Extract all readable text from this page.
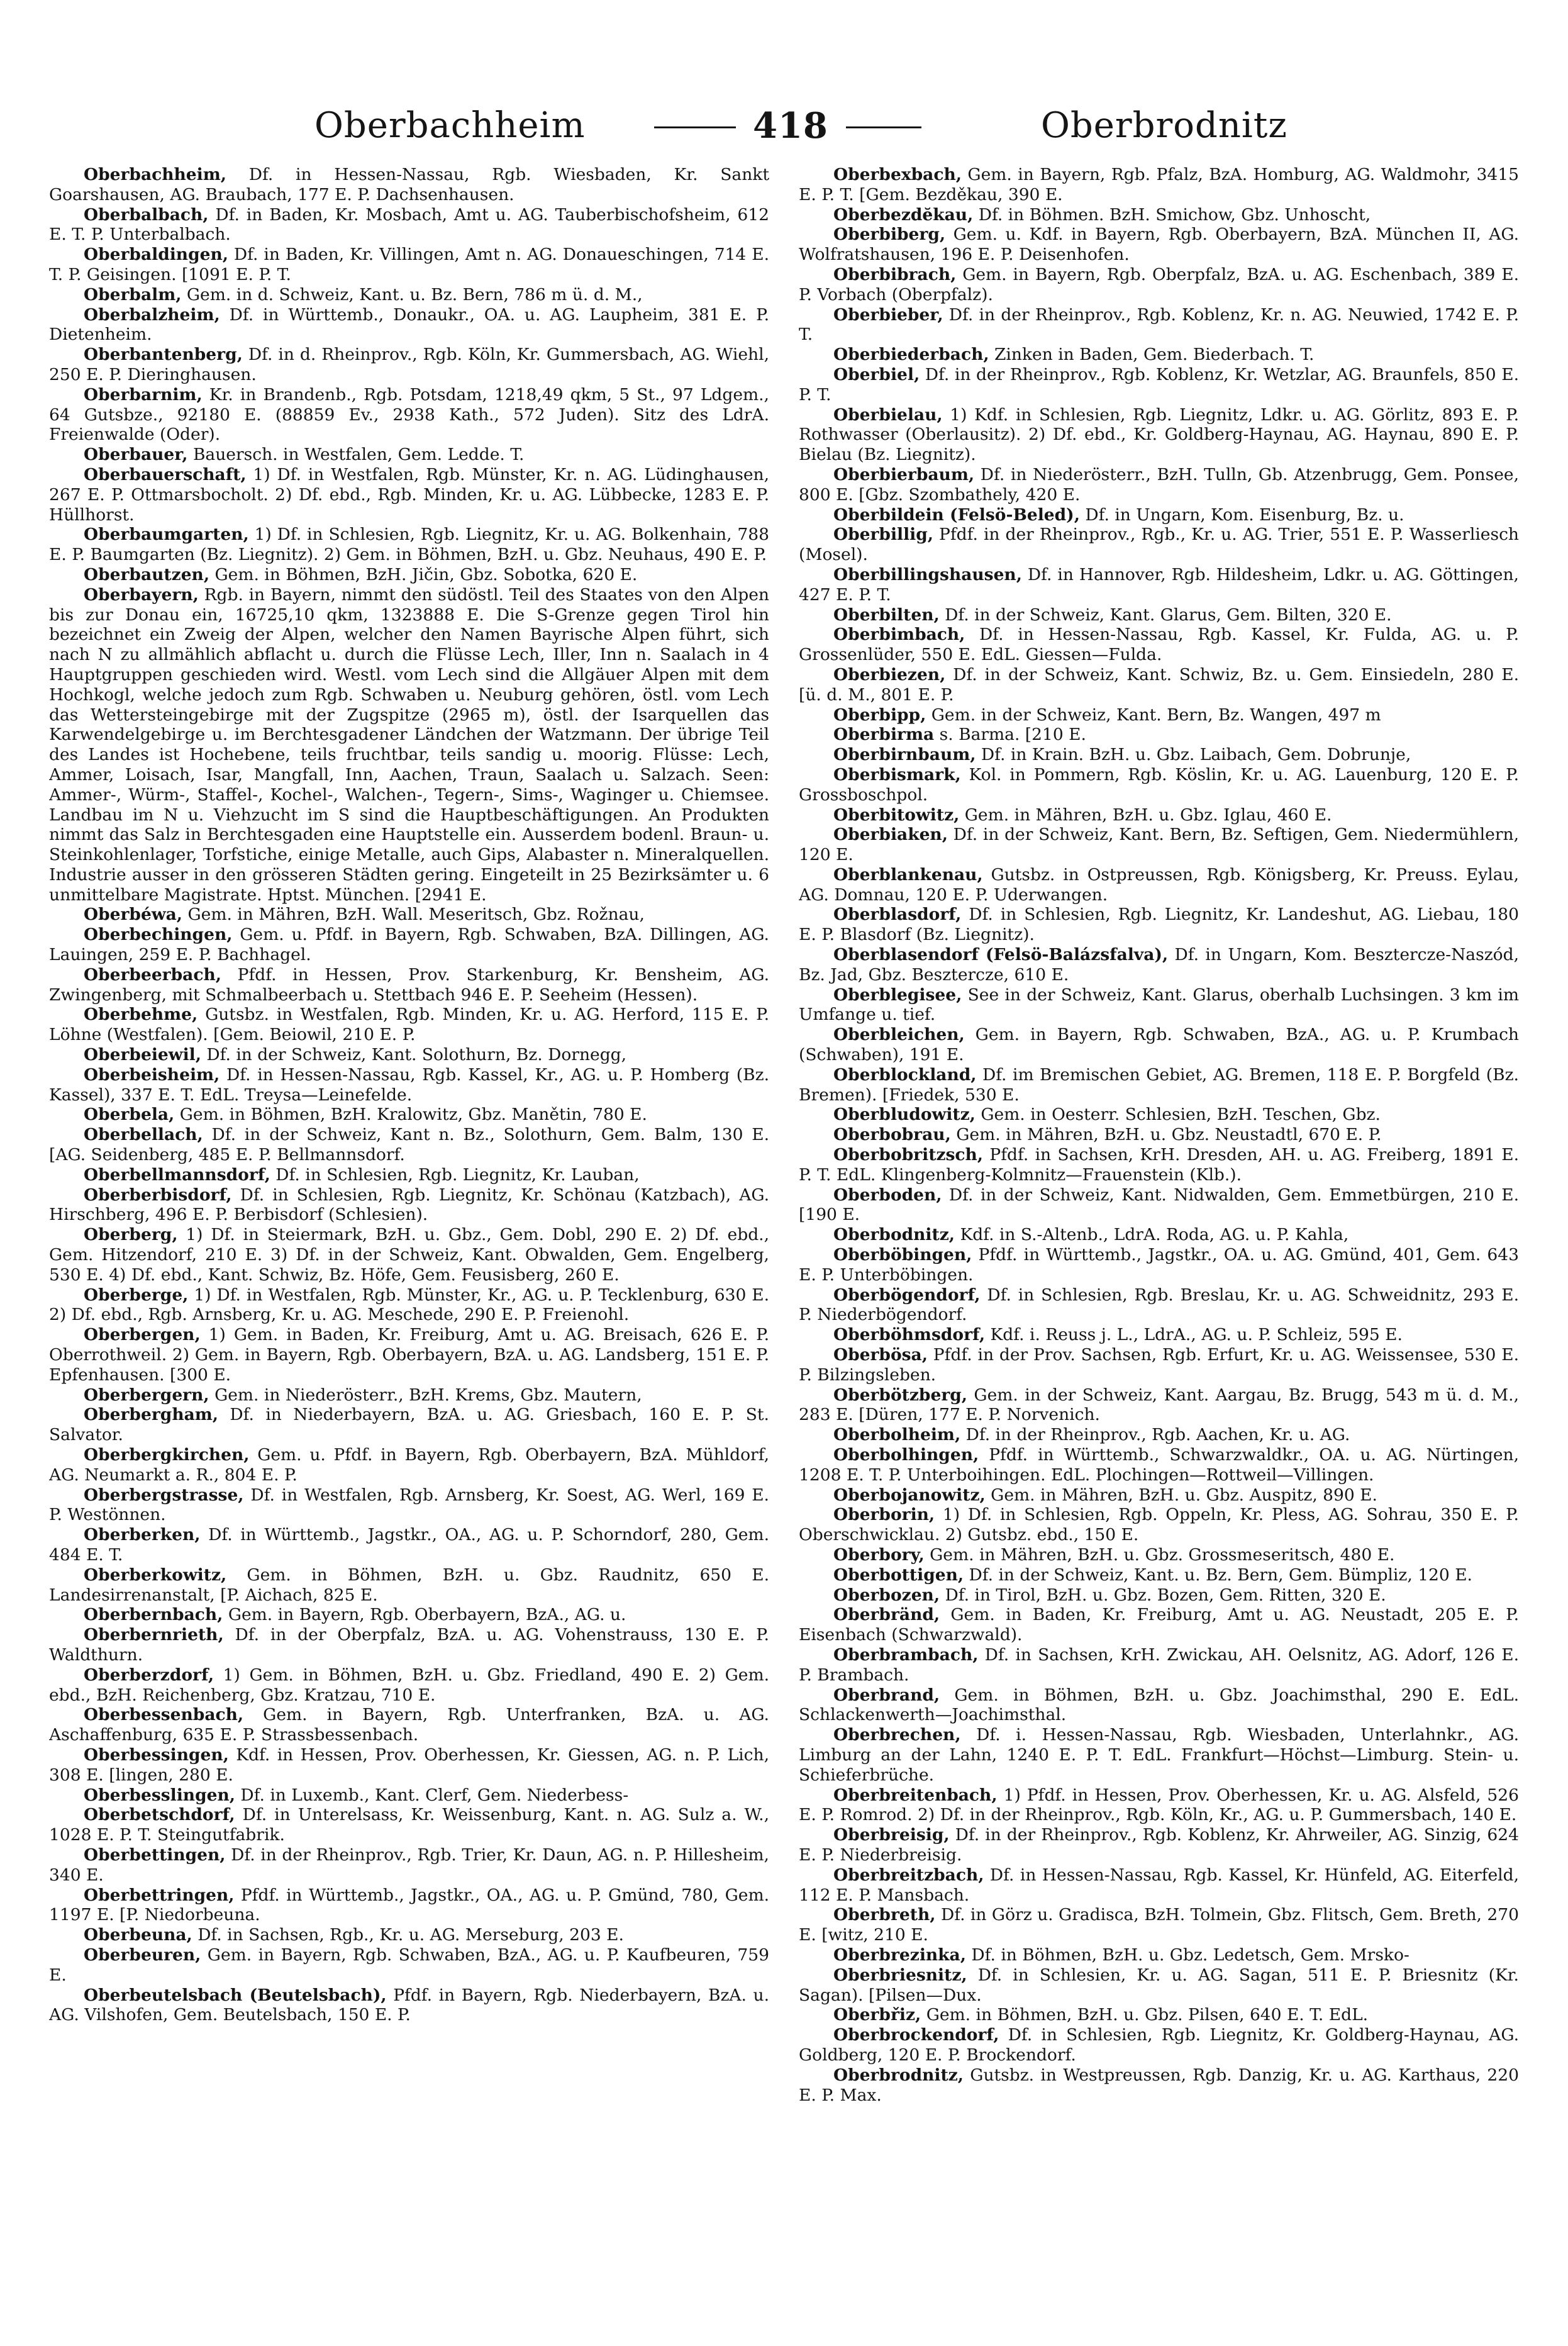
Oberbachheim	418	Oberbrodnitz

Oberbachheim, Df. in Hessen-Nassau, Rgb. Wiesbaden, Kr. Sankt Goarshausen, AG. Braubach, 177 E. P. Dachsenhausen.

Oberbalbach, Df. in Baden, Kr. Mosbach, Amt u. AG. Tauberbischofsheim, 612 E. T. P. Unterbalbach.

Oberbaldingen, Df. in Baden, Kr. Villingen, Amt n. AG. Donaueschingen, 714 E. T. P. Geisingen. [1091 E. P. T.

Oberbalm, Gem. in d. Schweiz, Kant. u. Bz. Bern, 786 m ü. d. M.,

Oberbalzheim, Df. in Württemb., Donaukr., OA. u. AG. Laupheim, 381 E. P. Dietenheim.

Oberbantenberg, Df. in d. Rheinprov., Rgb. Köln, Kr. Gummersbach, AG. Wiehl, 250 E. P. Dieringhausen.

Oberbarnim, Kr. in Brandenb., Rgb. Potsdam, 1218,49 qkm, 5 St., 97 Ldgem., 64 Gutsbze., 92180 E. (88859 Ev., 2938 Kath., 572 Juden). Sitz des LdrA. Freienwalde (Oder).

Oberbauer, Bauersch. in Westfalen, Gem. Ledde. T.

Oberbauerschaft, 1) Df. in Westfalen, Rgb. Münster, Kr. n. AG. Lüdinghausen, 267 E. P. Ottmarsbocholt. 2) Df. ebd., Rgb. Minden, Kr. u. AG. Lübbecke, 1283 E. P. Hüllhorst.

Oberbaumgarten, 1) Df. in Schlesien, Rgb. Liegnitz, Kr. u. AG. Bolkenhain, 788 E. P. Baumgarten (Bz. Liegnitz). 2) Gem. in Böhmen, BzH. u. Gbz. Neuhaus, 490 E. P.

Oberbautzen, Gem. in Böhmen, BzH. Jičin, Gbz. Sobotka, 620 E.

Oberbayern, Rgb. in Bayern, nimmt den südöstl. Teil des Staates von den Alpen bis zur Donau ein, 16725,10 qkm, 1323888 E. Die S-Grenze gegen Tirol hin bezeichnet ein Zweig der Alpen, welcher den Namen Bayrische Alpen führt, sich nach N zu allmählich abflacht u. durch die Flüsse Lech, Iller, Inn n. Saalach in 4 Hauptgruppen geschieden wird. Westl. vom Lech sind die Allgäuer Alpen mit dem Hochkogl, welche jedoch zum Rgb. Schwaben u. Neuburg gehören, östl. vom Lech das Wettersteingebirge mit der Zugspitze (2965 m), östl. der Isarquellen das Karwendelgebirge u. im Berchtesgadener Ländchen der Watzmann. Der übrige Teil des Landes ist Hochebene, teils fruchtbar, teils sandig u. moorig. Flüsse: Lech, Ammer, Loisach, Isar, Mangfall, Inn, Aachen, Traun, Saalach u. Salzach. Seen: Ammer-, Würm-, Staffel-, Kochel-, Walchen-, Tegern-, Sims-, Waginger u. Chiemsee. Landbau im N u. Viehzucht im S sind die Hauptbeschäftigungen. An Produkten nimmt das Salz in Berchtesgaden eine Hauptstelle ein. Ausserdem bodenl. Braun- u. Steinkohlenlager, Torfstiche, einige Metalle, auch Gips, Alabaster n. Mineralquellen. Industrie ausser in den grösseren Städten gering. Eingeteilt in 25 Bezirksämter u. 6 unmittelbare Magistrate. Hptst. München. [2941 E.

Oberbéwa, Gem. in Mähren, BzH. Wall. Meseritsch, Gbz. Rožnau,

Oberbechingen, Gem. u. Pfdf. in Bayern, Rgb. Schwaben, BzA. Dillingen, AG. Lauingen, 259 E. P. Bachhagel.

Oberbeerbach, Pfdf. in Hessen, Prov. Starkenburg, Kr. Bensheim, AG. Zwingenberg, mit Schmalbeerbach u. Stettbach 946 E. P. Seeheim (Hessen).

Oberbehme, Gutsbz. in Westfalen, Rgb. Minden, Kr. u. AG. Herford, 115 E. P. Löhne (Westfalen). [Gem. Beiowil, 210 E. P.

Oberbeiewil, Df. in der Schweiz, Kant. Solothurn, Bz. Dornegg,

Oberbeisheim, Df. in Hessen-Nassau, Rgb. Kassel, Kr., AG. u. P. Homberg (Bz. Kassel), 337 E. T. EdL. Treysa—Leinefelde.

Oberbela, Gem. in Böhmen, BzH. Kralowitz, Gbz. Manětin, 780 E.

Oberbellach, Df. in der Schweiz, Kant n. Bz., Solothurn, Gem. Balm, 130 E. [AG. Seidenberg, 485 E. P. Bellmannsdorf.

Oberbellmannsdorf, Df. in Schlesien, Rgb. Liegnitz, Kr. Lauban,

Oberberbisdorf, Df. in Schlesien, Rgb. Liegnitz, Kr. Schönau (Katzbach), AG. Hirschberg, 496 E. P. Berbisdorf (Schlesien).

Oberberg, 1) Df. in Steiermark, BzH. u. Gbz., Gem. Dobl, 290 E. 2) Df. ebd., Gem. Hitzendorf, 210 E. 3) Df. in der Schweiz, Kant. Obwalden, Gem. Engelberg, 530 E. 4) Df. ebd., Kant. Schwiz, Bz. Höfe, Gem. Feusisberg, 260 E.

Oberberge, 1) Df. in Westfalen, Rgb. Münster, Kr., AG. u. P. Tecklenburg, 630 E. 2) Df. ebd., Rgb. Arnsberg, Kr. u. AG. Meschede, 290 E. P. Freienohl.

Oberbergen, 1) Gem. in Baden, Kr. Freiburg, Amt u. AG. Breisach, 626 E. P. Oberrothweil. 2) Gem. in Bayern, Rgb. Oberbayern, BzA. u. AG. Landsberg, 151 E. P. Epfenhausen. [300 E.

Oberbergern, Gem. in Niederösterr., BzH. Krems, Gbz. Mautern,

Oberbergham, Df. in Niederbayern, BzA. u. AG. Griesbach, 160 E. P. St. Salvator.

Oberbergkirchen, Gem. u. Pfdf. in Bayern, Rgb. Oberbayern, BzA. Mühldorf, AG. Neumarkt a. R., 804 E. P.

Oberbergstrasse, Df. in Westfalen, Rgb. Arnsberg, Kr. Soest, AG. Werl, 169 E. P. Westönnen.

Oberberken, Df. in Württemb., Jagstkr., OA., AG. u. P. Schorndorf, 280, Gem. 484 E. T.

Oberberkowitz, Gem. in Böhmen, BzH. u. Gbz. Raudnitz, 650 E. Landesirrenanstalt, [P. Aichach, 825 E.

Oberbernbach, Gem. in Bayern, Rgb. Oberbayern, BzA., AG. u.

Oberbernrieth, Df. in der Oberpfalz, BzA. u. AG. Vohenstrauss, 130 E. P. Waldthurn.

Oberberzdorf, 1) Gem. in Böhmen, BzH. u. Gbz. Friedland, 490 E. 2) Gem. ebd., BzH. Reichenberg, Gbz. Kratzau, 710 E.

Oberbessenbach, Gem. in Bayern, Rgb. Unterfranken, BzA. u. AG. Aschaffenburg, 635 E. P. Strassbessenbach.

Oberbessingen, Kdf. in Hessen, Prov. Oberhessen, Kr. Giessen, AG. n. P. Lich, 308 E. [lingen, 280 E.

Oberbesslingen, Df. in Luxemb., Kant. Clerf, Gem. Niederbess-

Oberbetschdorf, Df. in Unterelsass, Kr. Weissenburg, Kant. n. AG. Sulz a. W., 1028 E. P. T. Steingutfabrik.

Oberbettingen, Df. in der Rheinprov., Rgb. Trier, Kr. Daun, AG. n. P. Hillesheim, 340 E.

Oberbettringen, Pfdf. in Württemb., Jagstkr., OA., AG. u. P. Gmünd, 780, Gem. 1197 E. [P. Niedorbeuna.

Oberbeuna, Df. in Sachsen, Rgb., Kr. u. AG. Merseburg, 203 E.

Oberbeuren, Gem. in Bayern, Rgb. Schwaben, BzA., AG. u. P. Kaufbeuren, 759 E.

Oberbeutelsbach (Beutelsbach), Pfdf. in Bayern, Rgb. Niederbayern, BzA. u. AG. Vilshofen, Gem. Beutelsbach, 150 E. P.

Oberbexbach, Gem. in Bayern, Rgb. Pfalz, BzA. Homburg, AG. Waldmohr, 3415 E. P. T. [Gem. Bezděkau, 390 E.

Oberbezdĕkau, Df. in Böhmen. BzH. Smichow, Gbz. Unhoscht,

Oberbiberg, Gem. u. Kdf. in Bayern, Rgb. Oberbayern, BzA. München II, AG. Wolfratshausen, 196 E. P. Deisenhofen.

Oberbibrach, Gem. in Bayern, Rgb. Oberpfalz, BzA. u. AG. Eschenbach, 389 E. P. Vorbach (Oberpfalz).

Oberbieber, Df. in der Rheinprov., Rgb. Koblenz, Kr. n. AG. Neuwied, 1742 E. P. T.

Oberbiederbach, Zinken in Baden, Gem. Biederbach. T.

Oberbiel, Df. in der Rheinprov., Rgb. Koblenz, Kr. Wetzlar, AG. Braunfels, 850 E. P. T.

Oberbielau, 1) Kdf. in Schlesien, Rgb. Liegnitz, Ldkr. u. AG. Görlitz, 893 E. P. Rothwasser (Oberlausitz). 2) Df. ebd., Kr. Goldberg-Haynau, AG. Haynau, 890 E. P. Bielau (Bz. Liegnitz).

Oberbierbaum, Df. in Niederösterr., BzH. Tulln, Gb. Atzenbrugg, Gem. Ponsee, 800 E. [Gbz. Szombathely, 420 E.

Oberbildein (Felsö-Beled), Df. in Ungarn, Kom. Eisenburg, Bz. u.

Oberbillig, Pfdf. in der Rheinprov., Rgb., Kr. u. AG. Trier, 551 E. P. Wasserliesch (Mosel).

Oberbillingshausen, Df. in Hannover, Rgb. Hildesheim, Ldkr. u. AG. Göttingen, 427 E. P. T.

Oberbilten, Df. in der Schweiz, Kant. Glarus, Gem. Bilten, 320 E.

Oberbimbach, Df. in Hessen-Nassau, Rgb. Kassel, Kr. Fulda, AG. u. P. Grossenlüder, 550 E. EdL. Giessen—Fulda.

Oberbiezen, Df. in der Schweiz, Kant. Schwiz, Bz. u. Gem. Einsiedeln, 280 E. [ü. d. M., 801 E. P.

Oberbipp, Gem. in der Schweiz, Kant. Bern, Bz. Wangen, 497 m

Oberbirma s. Barma. [210 E.

Oberbirnbaum, Df. in Krain. BzH. u. Gbz. Laibach, Gem. Dobrunje,

Oberbismark, Kol. in Pommern, Rgb. Köslin, Kr. u. AG. Lauenburg, 120 E. P. Grossboschpol.

Oberbitowitz, Gem. in Mähren, BzH. u. Gbz. Iglau, 460 E.

Oberbiaken, Df. in der Schweiz, Kant. Bern, Bz. Seftigen, Gem. Niedermühlern, 120 E.

Oberblankenau, Gutsbz. in Ostpreussen, Rgb. Königsberg, Kr. Preuss. Eylau, AG. Domnau, 120 E. P. Uderwangen.

Oberblasdorf, Df. in Schlesien, Rgb. Liegnitz, Kr. Landeshut, AG. Liebau, 180 E. P. Blasdorf (Bz. Liegnitz).

Oberblasendorf (Felsö-Balázsfalva), Df. in Ungarn, Kom. Besztercze-Naszód, Bz. Jad, Gbz. Besztercze, 610 E.

Oberblegisee, See in der Schweiz, Kant. Glarus, oberhalb Luchsingen. 3 km im Umfange u. tief.

Oberbleichen, Gem. in Bayern, Rgb. Schwaben, BzA., AG. u. P. Krumbach (Schwaben), 191 E.

Oberblockland, Df. im Bremischen Gebiet, AG. Bremen, 118 E. P. Borgfeld (Bz. Bremen). [Friedek, 530 E.

Oberbludowitz, Gem. in Oesterr. Schlesien, BzH. Teschen, Gbz.

Oberbobrau, Gem. in Mähren, BzH. u. Gbz. Neustadtl, 670 E. P.

Oberbobritzsch, Pfdf. in Sachsen, KrH. Dresden, AH. u. AG. Freiberg, 1891 E. P. T. EdL. Klingenberg-Kolmnitz—Frauenstein (Klb.).

Oberboden, Df. in der Schweiz, Kant. Nidwalden, Gem. Emmetbürgen, 210 E. [190 E.

Oberbodnitz, Kdf. in S.-Altenb., LdrA. Roda, AG. u. P. Kahla,

Oberböbingen, Pfdf. in Württemb., Jagstkr., OA. u. AG. Gmünd, 401, Gem. 643 E. P. Unterböbingen.

Oberbögendorf, Df. in Schlesien, Rgb. Breslau, Kr. u. AG. Schweidnitz, 293 E. P. Niederbögendorf.

Oberböhmsdorf, Kdf. i. Reuss j. L., LdrA., AG. u. P. Schleiz, 595 E.

Oberbösa, Pfdf. in der Prov. Sachsen, Rgb. Erfurt, Kr. u. AG. Weissensee, 530 E. P. Bilzingsleben.

Oberbötzberg, Gem. in der Schweiz, Kant. Aargau, Bz. Brugg, 543 m ü. d. M., 283 E. [Düren, 177 E. P. Norvenich.

Oberbolheim, Df. in der Rheinprov., Rgb. Aachen, Kr. u. AG.

Oberbolhingen, Pfdf. in Württemb., Schwarzwaldkr., OA. u. AG. Nürtingen, 1208 E. T. P. Unterboihingen. EdL. Plochingen—Rottweil—Villingen.

Oberbojanowitz, Gem. in Mähren, BzH. u. Gbz. Auspitz, 890 E.

Oberborin, 1) Df. in Schlesien, Rgb. Oppeln, Kr. Pless, AG. Sohrau, 350 E. P. Oberschwicklau. 2) Gutsbz. ebd., 150 E.

Oberbory, Gem. in Mähren, BzH. u. Gbz. Grossmeseritsch, 480 E.

Oberbottigen, Df. in der Schweiz, Kant. u. Bz. Bern, Gem. Bümpliz, 120 E.

Oberbozen, Df. in Tirol, BzH. u. Gbz. Bozen, Gem. Ritten, 320 E.

Oberbränd, Gem. in Baden, Kr. Freiburg, Amt u. AG. Neustadt, 205 E. P. Eisenbach (Schwarzwald).

Oberbrambach, Df. in Sachsen, KrH. Zwickau, AH. Oelsnitz, AG. Adorf, 126 E. P. Brambach.

Oberbrand, Gem. in Böhmen, BzH. u. Gbz. Joachimsthal, 290 E. EdL. Schlackenwerth—Joachimsthal.

Oberbrechen, Df. i. Hessen-Nassau, Rgb. Wiesbaden, Unterlahnkr., AG. Limburg an der Lahn, 1240 E. P. T. EdL. Frankfurt—Höchst—Limburg. Stein- u. Schieferbrüche.

Oberbreitenbach, 1) Pfdf. in Hessen, Prov. Oberhessen, Kr. u. AG. Alsfeld, 526 E. P. Romrod. 2) Df. in der Rheinprov., Rgb. Köln, Kr., AG. u. P. Gummersbach, 140 E.

Oberbreisig, Df. in der Rheinprov., Rgb. Koblenz, Kr. Ahrweiler, AG. Sinzig, 624 E. P. Niederbreisig.

Oberbreitzbach, Df. in Hessen-Nassau, Rgb. Kassel, Kr. Hünfeld, AG. Eiterfeld, 112 E. P. Mansbach.

Oberbreth, Df. in Görz u. Gradisca, BzH. Tolmein, Gbz. Flitsch, Gem. Breth, 270 E. [witz, 210 E.

Oberbrezinka, Df. in Böhmen, BzH. u. Gbz. Ledetsch, Gem. Mrsko-

Oberbriesnitz, Df. in Schlesien, Kr. u. AG. Sagan, 511 E. P. Briesnitz (Kr. Sagan). [Pilsen—Dux.

Oberbřiz, Gem. in Böhmen, BzH. u. Gbz. Pilsen, 640 E. T. EdL.

Oberbrockendorf, Df. in Schlesien, Rgb. Liegnitz, Kr. Goldberg-Haynau, AG. Goldberg, 120 E. P. Brockendorf.

Oberbrodnitz, Gutsbz. in Westpreussen, Rgb. Danzig, Kr. u. AG. Karthaus, 220 E. P. Max.
